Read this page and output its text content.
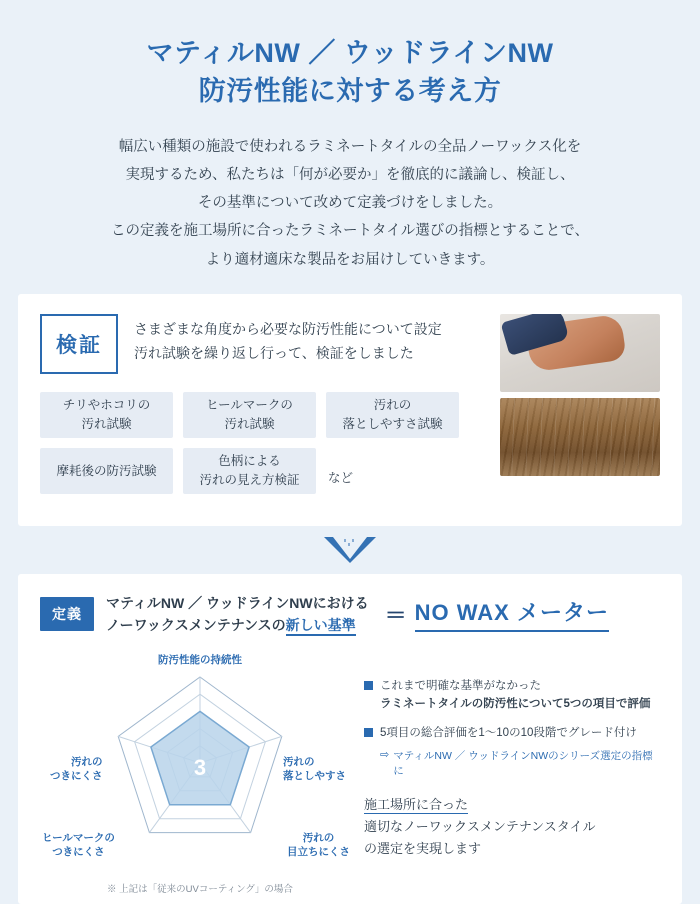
マティルNW ／ ウッドラインNW
防汚性能に対する考え方
幅広い種類の施設で使われるラミネートタイルの全品ノーワックス化を
実現するため、私たちは「何が必要か」を徹底的に議論し、検証し、
その基準について改めて定義づけをしました。
この定義を施工場所に合ったラミネートタイル選びの指標とすることで、
より適材適床な製品をお届けしていきます。
検証
さまざまな角度から必要な防汚性能について設定
汚れ試験を繰り返し行って、検証をしました
チリやホコリの
汚れ試験
ヒールマークの
汚れ試験
汚れの
落としやすさ試験
摩耗後の防汚試験
色柄による
汚れの見え方検証	など
定義
マティルNW ／ ウッドラインNWにおける
ノーワックスメンテナンスの新しい基準	＝ NO WAX メーター
3
防汚性能の持続性
汚れの
落としやすさ
汚れの
つきにくさ
ヒールマークの
つきにくさ
汚れの
目立ちにくさ
※ 上記は「従来のUVコーティング」の場合
これまで明確な基準がなかった
ラミネートタイルの防汚性について5つの項目で評価
5項目の総合評価を1〜10の10段階でグレード付け
⇨ マティルNW ／ ウッドラインNWのシリーズ選定の指標に
施工場所に合った
適切なノーワックスメンテナンスタイル
の選定を実現します
